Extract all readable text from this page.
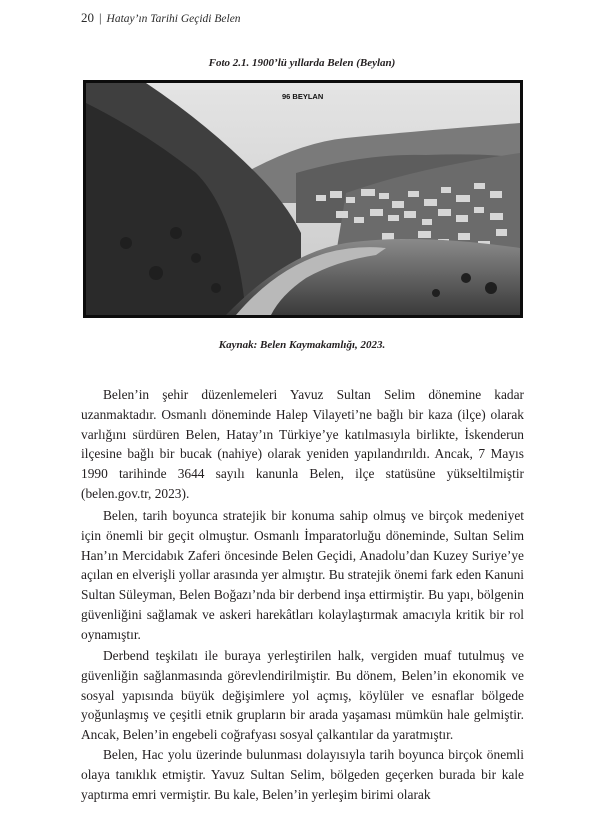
20 | Hatay’ın Tarihi Geçidi Belen
Foto 2.1. 1900’lü yıllarda Belen (Beylan)
96 BEYLAN
Kaynak: Belen Kaymakamlığı, 2023.

Belen’in şehir düzenlemeleri Yavuz Sultan Selim dönemine kadar uzanmaktadır. Osmanlı döneminde Halep Vilayeti’ne bağlı bir kaza (ilçe) olarak varlığını sürdüren Belen, Hatay’ın Türkiye’ye katılmasıyla birlikte, İskenderun ilçesine bağlı bir bucak (nahiye) olarak yeniden yapılandırıldı. Ancak, 7 Mayıs 1990 tarihinde 3644 sayılı kanunla Belen, ilçe statüsüne yükseltilmiştir (belen.gov.tr, 2023).

Belen, tarih boyunca stratejik bir konuma sahip olmuş ve birçok medeniyet için önemli bir geçit olmuştur. Osmanlı İmparatorluğu döneminde, Sultan Selim Han’ın Mercidabık Zaferi öncesinde Belen Geçidi, Anadolu’dan Kuzey Suriye’ye açılan en elverişli yollar arasında yer almıştır. Bu stratejik önemi fark eden Kanuni Sultan Süleyman, Belen Boğazı’nda bir derbend inşa ettirmiştir. Bu yapı, bölgenin güvenliğini sağlamak ve askeri harekâtları kolaylaştırmak amacıyla kritik bir rol oynamıştır.

Derbend teşkilatı ile buraya yerleştirilen halk, vergiden muaf tutulmuş ve güvenliğin sağlanmasında görevlendirilmiştir. Bu dönem, Belen’in ekonomik ve sosyal yapısında büyük değişimlere yol açmış, köylüler ve esnaflar bölgede yoğunlaşmış ve çeşitli etnik grupların bir arada yaşaması mümkün hale gelmiştir. Ancak, Belen’in engebeli coğrafyası sosyal çalkantılar da yaratmıştır.

Belen, Hac yolu üzerinde bulunması dolayısıyla tarih boyunca birçok önemli olaya tanıklık etmiştir. Yavuz Sultan Selim, bölgeden geçerken burada bir kale yaptırma emri vermiştir. Bu kale, Belen’in yerleşim birimi olarak
